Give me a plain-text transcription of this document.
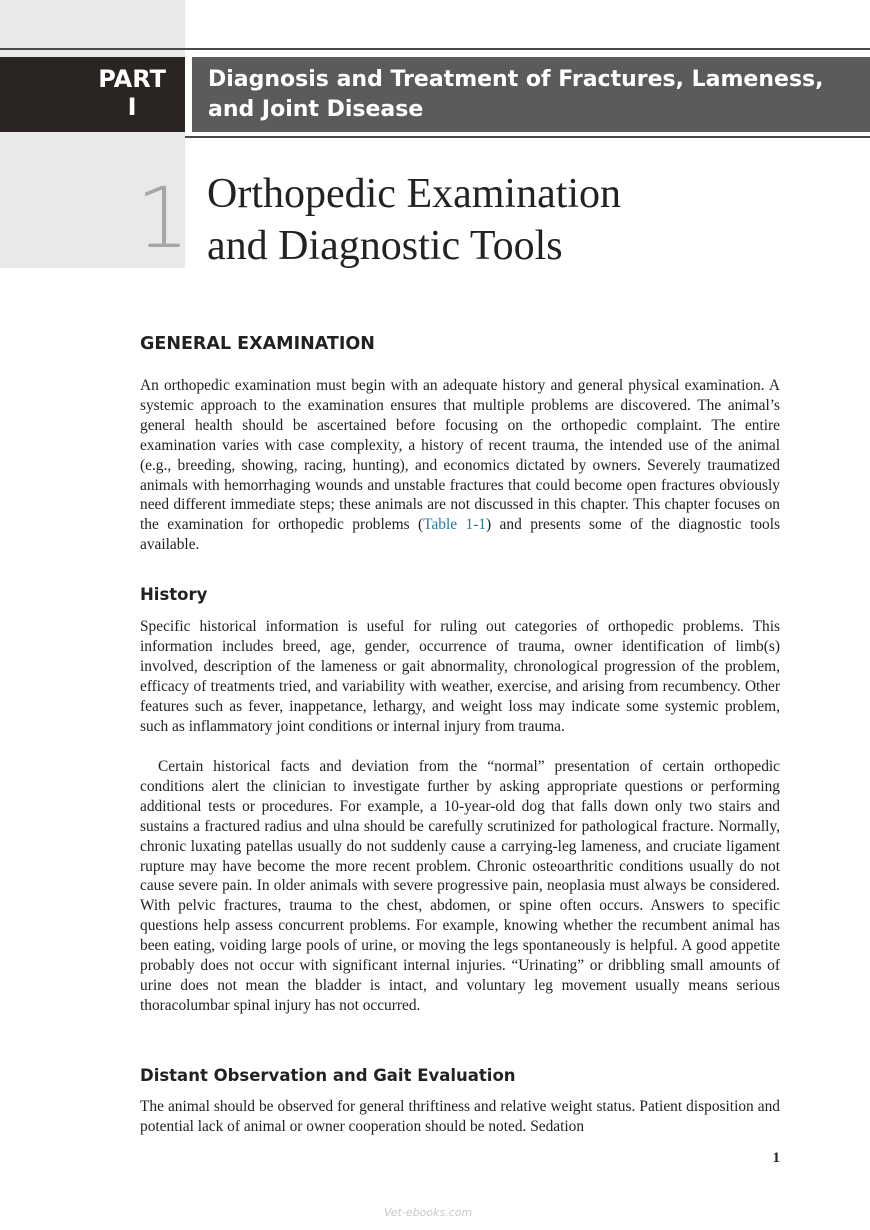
PART
I
Diagnosis and Treatment of Fractures, Lameness,
and Joint Disease
1 Orthopedic Examination
and Diagnostic Tools
GENERAL EXAMINATION

An orthopedic examination must begin with an adequate history and general physical examination. A systemic approach to the examination ensures that multiple problems are discovered. The animal’s general health should be ascertained before focusing on the orthopedic complaint. The entire examination varies with case complexity, a history of recent trauma, the intended use of the animal (e.g., breeding, showing, racing, hunting), and economics dictated by owners. Severely traumatized animals with hemorrhaging wounds and unstable fractures that could become open fractures obviously need different immediate steps; these animals are not discussed in this chapter. This chapter focuses on the examination for orthopedic problems (Table 1-1) and presents some of the diagnostic tools available.

History

Specific historical information is useful for ruling out categories of orthopedic problems. This information includes breed, age, gender, occurrence of trauma, owner identification of limb(s) involved, description of the lameness or gait abnormality, chronological progression of the problem, efficacy of treatments tried, and variability with weather, exercise, and arising from recumbency. Other features such as fever, inappetance, lethargy, and weight loss may indicate some systemic problem, such as inflammatory joint conditions or internal injury from trauma.

Certain historical facts and deviation from the “normal” presentation of certain orthopedic conditions alert the clinician to investigate further by asking appropriate questions or performing additional tests or procedures. For example, a 10-year-old dog that falls down only two stairs and sustains a fractured radius and ulna should be carefully scrutinized for pathological fracture. Normally, chronic luxating patellas usually do not suddenly cause a carrying-leg lameness, and cruciate ligament rupture may have become the more recent problem. Chronic osteoarthritic conditions usually do not cause severe pain. In older animals with severe progressive pain, neoplasia must always be considered. With pelvic fractures, trauma to the chest, abdomen, or spine often occurs. Answers to specific questions help assess concurrent problems. For example, knowing whether the recumbent animal has been eating, voiding large pools of urine, or moving the legs spontaneously is helpful. A good appetite probably does not occur with significant internal injuries. “Urinating” or dribbling small amounts of urine does not mean the bladder is intact, and voluntary leg movement usually means serious thoracolumbar spinal injury has not occurred.

Distant Observation and Gait Evaluation

The animal should be observed for general thriftiness and relative weight status. Patient disposition and potential lack of animal or owner cooperation should be noted. Sedation

1
Vet-ebooks.com
